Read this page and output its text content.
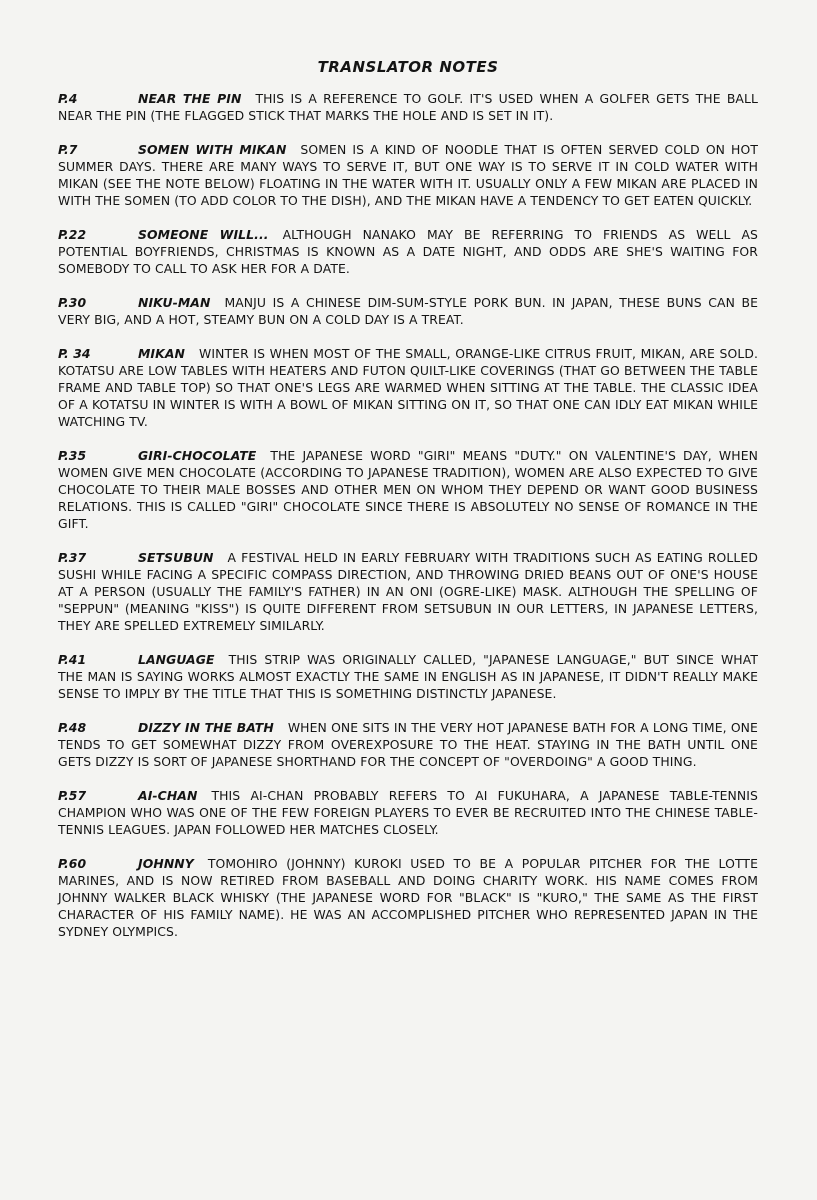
TRANSLATOR NOTES
P.4	NEAR THE PIN THIS IS A REFERENCE TO GOLF. IT'S USED WHEN A GOLFER GETS THE BALL NEAR THE PIN (THE FLAGGED STICK THAT MARKS THE HOLE AND IS SET IN IT).
P.7	SOMEN WITH MIKAN SOMEN IS A KIND OF NOODLE THAT IS OFTEN SERVED COLD ON HOT SUMMER DAYS. THERE ARE MANY WAYS TO SERVE IT, BUT ONE WAY IS TO SERVE IT IN COLD WATER WITH MIKAN (SEE THE NOTE BELOW) FLOATING IN THE WATER WITH IT. USUALLY ONLY A FEW MIKAN ARE PLACED IN WITH THE SOMEN (TO ADD COLOR TO THE DISH), AND THE MIKAN HAVE A TENDENCY TO GET EATEN QUICKLY.
P.22	SOMEONE WILL... ALTHOUGH NANAKO MAY BE REFERRING TO FRIENDS AS WELL AS POTENTIAL BOYFRIENDS, CHRISTMAS IS KNOWN AS A DATE NIGHT, AND ODDS ARE SHE'S WAITING FOR SOMEBODY TO CALL TO ASK HER FOR A DATE.
P.30	NIKU-MAN MANJU IS A CHINESE DIM-SUM-STYLE PORK BUN. IN JAPAN, THESE BUNS CAN BE VERY BIG, AND A HOT, STEAMY BUN ON A COLD DAY IS A TREAT.
P. 34	MIKAN WINTER IS WHEN MOST OF THE SMALL, ORANGE-LIKE CITRUS FRUIT, MIKAN, ARE SOLD. KOTATSU ARE LOW TABLES WITH HEATERS AND FUTON QUILT-LIKE COVERINGS (THAT GO BETWEEN THE TABLE FRAME AND TABLE TOP) SO THAT ONE'S LEGS ARE WARMED WHEN SITTING AT THE TABLE. THE CLASSIC IDEA OF A KOTATSU IN WINTER IS WITH A BOWL OF MIKAN SITTING ON IT, SO THAT ONE CAN IDLY EAT MIKAN WHILE WATCHING TV.
P.35	GIRI-CHOCOLATE THE JAPANESE WORD "GIRI" MEANS "DUTY." ON VALENTINE'S DAY, WHEN WOMEN GIVE MEN CHOCOLATE (ACCORDING TO JAPANESE TRADITION), WOMEN ARE ALSO EXPECTED TO GIVE CHOCOLATE TO THEIR MALE BOSSES AND OTHER MEN ON WHOM THEY DEPEND OR WANT GOOD BUSINESS RELATIONS. THIS IS CALLED "GIRI" CHOCOLATE SINCE THERE IS ABSOLUTELY NO SENSE OF ROMANCE IN THE GIFT.
P.37	SETSUBUN A FESTIVAL HELD IN EARLY FEBRUARY WITH TRADITIONS SUCH AS EATING ROLLED SUSHI WHILE FACING A SPECIFIC COMPASS DIRECTION, AND THROWING DRIED BEANS OUT OF ONE'S HOUSE AT A PERSON (USUALLY THE FAMILY'S FATHER) IN AN ONI (OGRE-LIKE) MASK. ALTHOUGH THE SPELLING OF "SEPPUN" (MEANING "KISS") IS QUITE DIFFERENT FROM SETSUBUN IN OUR LETTERS, IN JAPANESE LETTERS, THEY ARE SPELLED EXTREMELY SIMILARLY.
P.41	LANGUAGE THIS STRIP WAS ORIGINALLY CALLED, "JAPANESE LANGUAGE," BUT SINCE WHAT THE MAN IS SAYING WORKS ALMOST EXACTLY THE SAME IN ENGLISH AS IN JAPANESE, IT DIDN'T REALLY MAKE SENSE TO IMPLY BY THE TITLE THAT THIS IS SOMETHING DISTINCTLY JAPANESE.
P.48	DIZZY IN THE BATH WHEN ONE SITS IN THE VERY HOT JAPANESE BATH FOR A LONG TIME, ONE TENDS TO GET SOMEWHAT DIZZY FROM OVEREXPOSURE TO THE HEAT. STAYING IN THE BATH UNTIL ONE GETS DIZZY IS SORT OF JAPANESE SHORTHAND FOR THE CONCEPT OF "OVERDOING" A GOOD THING.
P.57	AI-CHAN THIS AI-CHAN PROBABLY REFERS TO AI FUKUHARA, A JAPANESE TABLE-TENNIS CHAMPION WHO WAS ONE OF THE FEW FOREIGN PLAYERS TO EVER BE RECRUITED INTO THE CHINESE TABLE-TENNIS LEAGUES. JAPAN FOLLOWED HER MATCHES CLOSELY.
P.60	JOHNNY TOMOHIRO (JOHNNY) KUROKI USED TO BE A POPULAR PITCHER FOR THE LOTTE MARINES, AND IS NOW RETIRED FROM BASEBALL AND DOING CHARITY WORK. HIS NAME COMES FROM JOHNNY WALKER BLACK WHISKY (THE JAPANESE WORD FOR "BLACK" IS "KURO," THE SAME AS THE FIRST CHARACTER OF HIS FAMILY NAME). HE WAS AN ACCOMPLISHED PITCHER WHO REPRESENTED JAPAN IN THE SYDNEY OLYMPICS.
